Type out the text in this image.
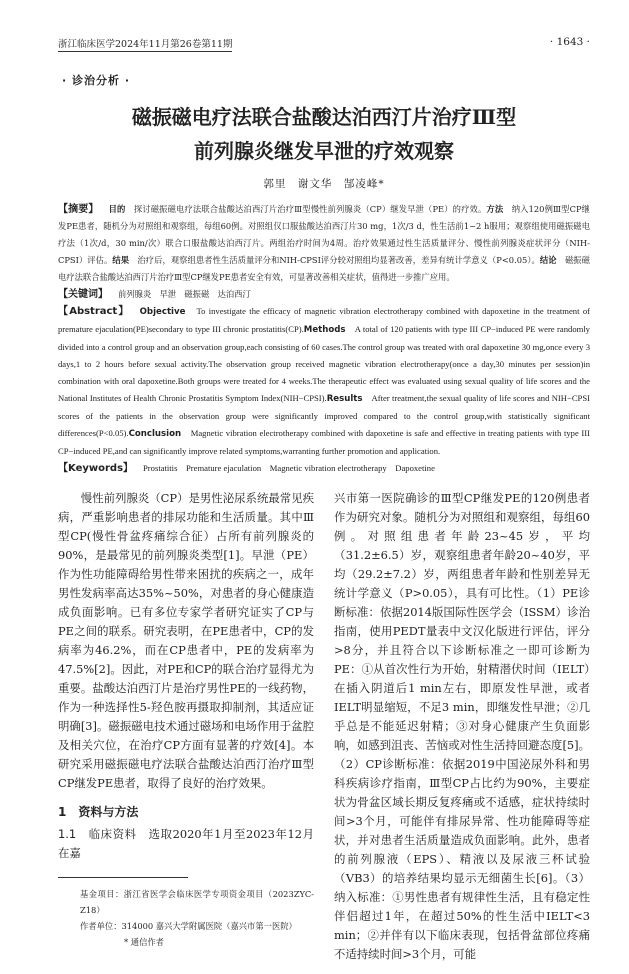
浙江临床医学2024年11月第26卷第11期	· 1643 ·
· 诊治分析 ·
磁振磁电疗法联合盐酸达泊西汀片治疗Ⅲ型
前列腺炎继发早泄的疗效观察
郭里　谢文华　郜凌峰*

【摘要】 目的　 探讨磁振磁电疗法联合盐酸达泊西汀片治疗Ⅲ型慢性前列腺炎（CP）继发早泄（PE）的疗效。方法　 纳入120例Ⅲ型CP继发PE患者，随机分为对照组和观察组，每组60例。对照组仅口服盐酸达泊西汀片30 mg，1次/3 d，性生活前1~2 h服用；观察组使用磁振磁电疗法（1次/d，30 min/次）联合口服盐酸达泊西汀片。两组治疗时间为4周。治疗效果通过性生活质量评分、慢性前列腺炎症状评分（NIH-CPSI）评估。结果　 治疗后，观察组患者性生活质量评分和NIH-CPSI评分较对照组均显著改善，差异有统计学意义（P<0.05）。结论　 磁振磁电疗法联合盐酸达泊西汀片治疗Ⅲ型CP继发PE患者安全有效，可显著改善相关症状，值得进一步推广应用。

【关键词】 前列腺炎　早泄　磁振磁　达泊西汀

【Abstract】 Objective　 To investigate the efficacy of magnetic vibration electrotherapy combined with dapoxetine in the treatment of premature ejaculation(PE)secondary to type III chronic prostatitis(CP).Methods　 A total of 120 patients with type III CP−induced PE were randomly divided into a control group and an observation group,each consisting of 60 cases.The control group was treated with oral dapoxetine 30 mg,once every 3 days,1 to 2 hours before sexual activity.The observation group received magnetic vibration electrotherapy(once a day,30 minutes per session)in combination with oral dapoxetine.Both groups were treated for 4 weeks.The therapeutic effect was evaluated using sexual quality of life scores and the National Institutes of Health Chronic Prostatitis Symptom Index(NIH−CPSI).Results　 After treatment,the sexual quality of life scores and NIH−CPSI scores of the patients in the observation group were significantly improved compared to the control group,with statistically significant differences(P<0.05).Conclusion　 Magnetic vibration electrotherapy combined with dapoxetine is safe and effective in treating patients with type III CP−induced PE,and can significantly improve related symptoms,warranting further promotion and application.

【Keywords】 Prostatitis　Premature ejaculation　Magnetic vibration electrotherapy　Dapoxetine

慢性前列腺炎（CP）是男性泌尿系统最常见疾病，严重影响患者的排尿功能和生活质量。其中Ⅲ型CP(慢性骨盆疼痛综合征）占所有前列腺炎的90%，是最常见的前列腺炎类型[1]。早泄（PE）作为性功能障碍给男性带来困扰的疾病之一，成年男性发病率高达35%~50%，对患者的身心健康造成负面影响。已有多位专家学者研究证实了CP与PE之间的联系。研究表明，在PE患者中，CP的发病率为46.2%，而在CP患者中，PE的发病率为47.5%[2]。因此，对PE和CP的联合治疗显得尤为重要。盐酸达泊西汀片是治疗男性PE的一线药物，作为一种选择性5-羟色胺再摄取抑制剂，其适应证明确[3]。磁振磁电技术通过磁场和电场作用于盆腔及相关穴位，在治疗CP方面有显著的疗效[4]。本研究采用磁振磁电疗法联合盐酸达泊西汀治疗Ⅲ型CP继发PE患者，取得了良好的治疗效果。

1　资料与方法

1.1　临床资料　 选取2020年1月至2023年12月在嘉

基金项目：浙江省医学会临床医学专项资金项目（2023ZYC-Z18）
作者单位：314000 嘉兴大学附属医院（嘉兴市第一医院）
* 通信作者
兴市第一医院确诊的Ⅲ型CP继发PE的120例患者作为研究对象。随机分为对照组和观察组，每组60例。对照组患者年龄23~45岁，平均（31.2±6.5）岁，观察组患者年龄20~40岁，平均（29.2±7.2）岁，两组患者年龄和性别差异无统计学意义（P>0.05），具有可比性。（1）PE诊断标准：依据2014版国际性医学会（ISSM）诊治指南，使用PEDT量表中文汉化版进行评估，评分>8分，并且符合以下诊断标准之一即可诊断为PE：①从首次性行为开始，射精潜伏时间（IELT）在插入阴道后1 min左右，即原发性早泄，或者IELT明显缩短，不足3 min，即继发性早泄；②几乎总是不能延迟射精；③对身心健康产生负面影响，如感到沮丧、苦恼或对性生活持回避态度[5]。（2）CP诊断标准：依据2019中国泌尿外科和男科疾病诊疗指南，Ⅲ型CP占比约为90%，主要症状为骨盆区域长期反复疼痛或不适感，症状持续时间>3个月，可能伴有排尿异常、性功能障碍等症状，并对患者生活质量造成负面影响。此外，患者的前列腺液（EPS）、精液以及尿液三杯试验（VB3）的培养结果均显示无细菌生长[6]。（3）纳入标准：①男性患者有规律性生活，且有稳定性伴侣超过1年，在超过50%的性生活中IELT<3 min；②并伴有以下临床表现，包括骨盆部位疼痛不适持续时间>3个月，可能
